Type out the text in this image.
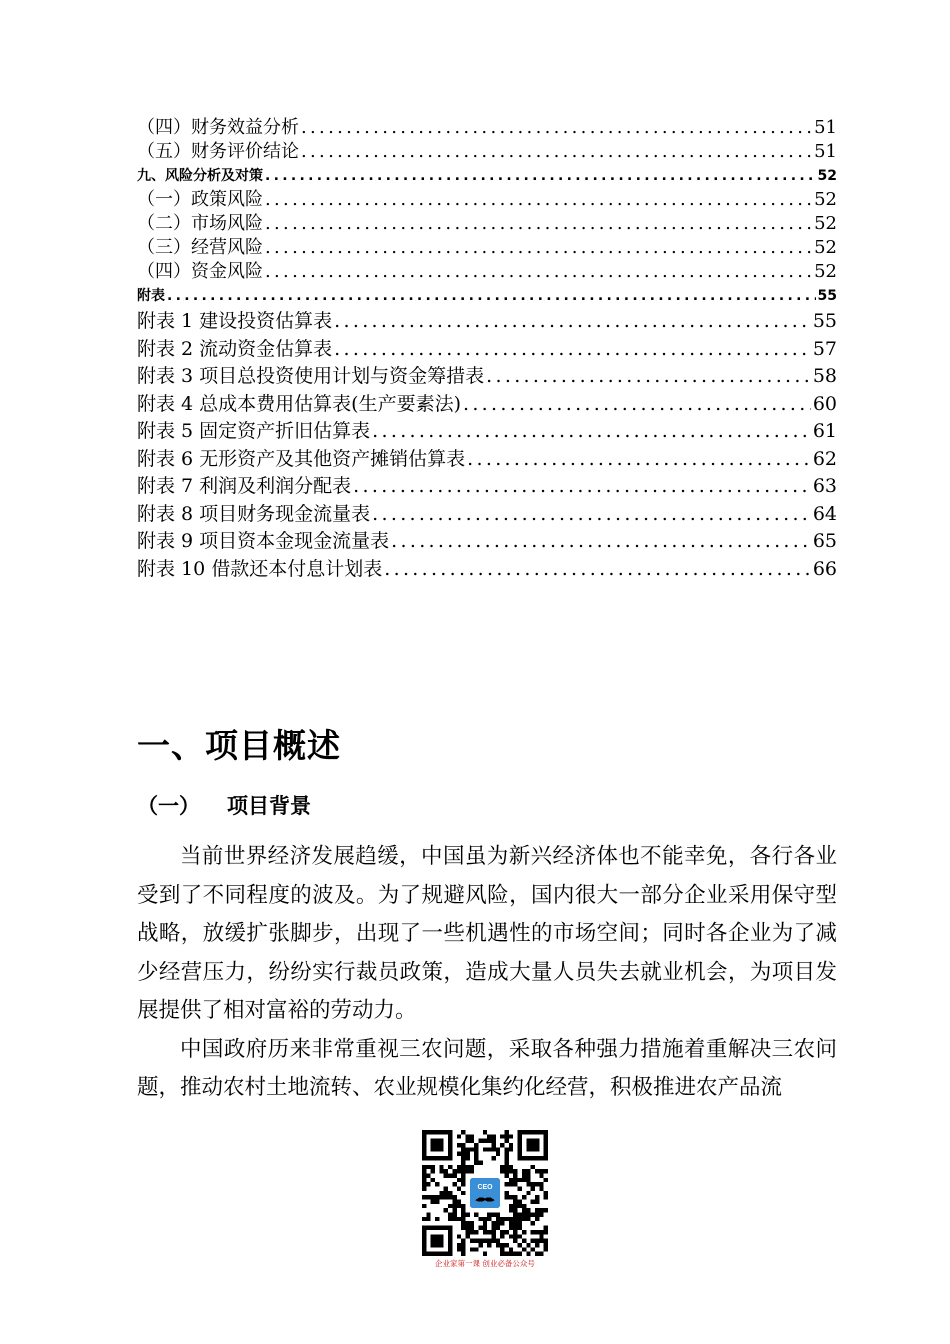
（四）财务效益分析 .....	51
（五）财务评价结论 .....	51
九、风险分析及对策 .....	52
（一）政策风险 .....	52
（二）市场风险 .....	52
（三）经营风险 .....	52
（四）资金风险 .....	52
附表 .....	55
附表 1 建设投资估算表 .....	55
附表 2 流动资金估算表 .....	57
附表 3 项目总投资使用计划与资金筹措表 .....	58
附表 4 总成本费用估算表(生产要素法) .....	60
附表 5 固定资产折旧估算表 .....	61
附表 6 无形资产及其他资产摊销估算表 .....	62
附表 7 利润及利润分配表 .....	63
附表 8 项目财务现金流量表 .....	64
附表 9 项目资本金现金流量表 .....	65
附表 10 借款还本付息计划表 .....	66
一、项目概述
（一） 项目背景

当前世界经济发展趋缓，中国虽为新兴经济体也不能幸免，各行各业受到了不同程度的波及。为了规避风险，国内很大一部分企业采用保守型战略，放缓扩张脚步，出现了一些机遇性的市场空间；同时各企业为了减少经营压力，纷纷实行裁员政策，造成大量人员失去就业机会，为项目发展提供了相对富裕的劳动力。

中国政府历来非常重视三农问题，采取各种强力措施着重解决三农问题，推动农村土地流转、农业规模化集约化经营，积极推进农产品流

CEO
企业家第一课 创业必备公众号
